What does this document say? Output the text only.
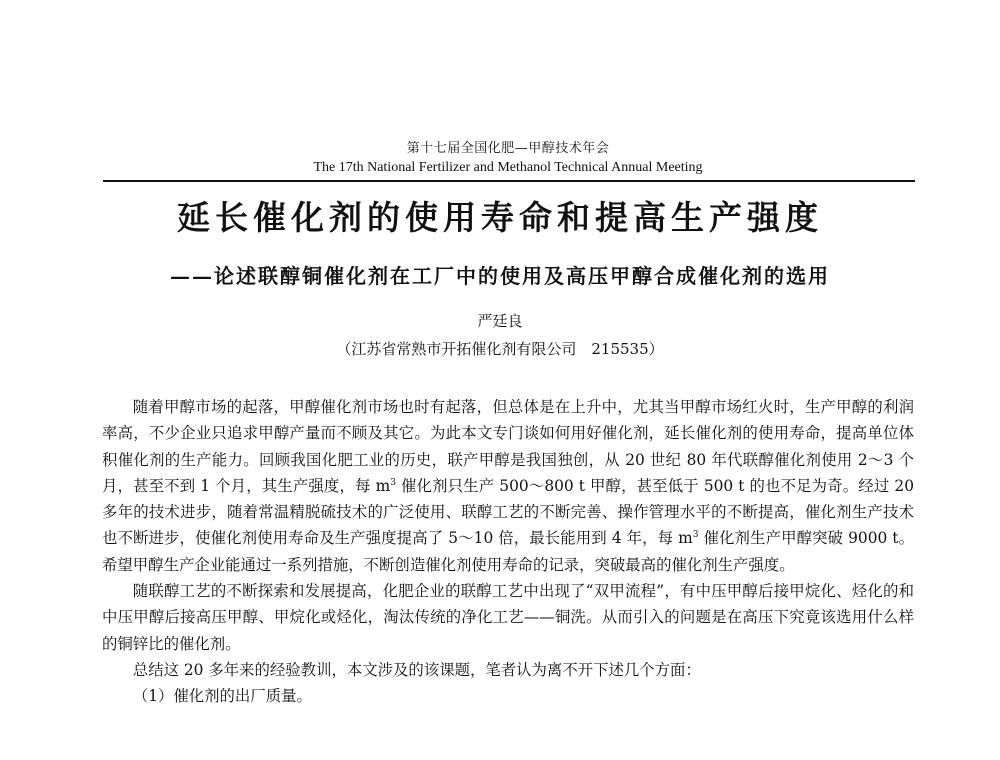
第十七届全国化肥—甲醇技术年会
The 17th National Fertilizer and Methanol Technical Annual Meeting
延长催化剂的使用寿命和提高生产强度
——论述联醇铜催化剂在工厂中的使用及高压甲醇合成催化剂的选用
严廷良
（江苏省常熟市开拓催化剂有限公司　215535）

随着甲醇市场的起落，甲醇催化剂市场也时有起落，但总体是在上升中，尤其当甲醇市场红火时，生产甲醇的利润率高，不少企业只追求甲醇产量而不顾及其它。为此本文专门谈如何用好催化剂，延长催化剂的使用寿命，提高单位体积催化剂的生产能力。回顾我国化肥工业的历史，联产甲醇是我国独创，从 20 世纪 80 年代联醇催化剂使用 2～3 个月，甚至不到 1 个月，其生产强度，每 $m^3$ 催化剂只生产 500～800 t 甲醇，甚至低于 500 t 的也不足为奇。经过 20 多年的技术进步，随着常温精脱硫技术的广泛使用、联醇工艺的不断完善、操作管理水平的不断提高，催化剂生产技术也不断进步，使催化剂使用寿命及生产强度提高了 5～10 倍，最长能用到 4 年，每 $m^3$ 催化剂生产甲醇突破 9000 t。希望甲醇生产企业能通过一系列措施，不断创造催化剂使用寿命的记录，突破最高的催化剂生产强度。

随联醇工艺的不断探索和发展提高，化肥企业的联醇工艺中出现了“双甲流程”，有中压甲醇后接甲烷化、烃化的和中压甲醇后接高压甲醇、甲烷化或烃化，淘汰传统的净化工艺——铜洗。从而引入的问题是在高压下究竟该选用什么样的铜锌比的催化剂。

总结这 20 多年来的经验教训，本文涉及的该课题，笔者认为离不开下述几个方面：

（1）催化剂的出厂质量。
